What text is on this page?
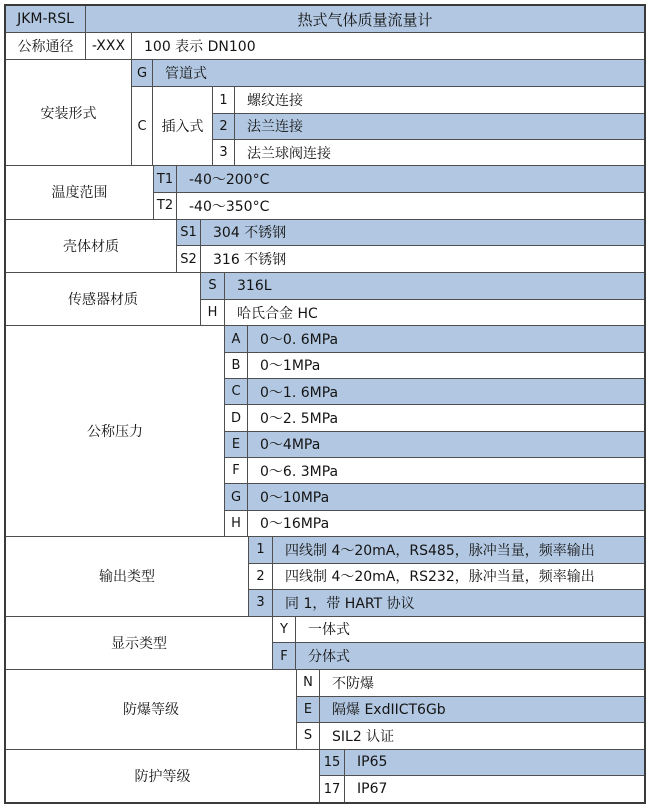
JKM-RSL	热式气体质量流量计
公称通径	-XXX	100 表示 DN100
安装形式
G	管道式
C	插入式
1	螺纹连接
2	法兰连接
3	法兰球阀连接
温度范围
T1	-40～200°C
T2	-40～350°C
壳体材质
S1	304 不锈钢
S2	316 不锈钢
传感器材质
S	316L
H	哈氏合金 HC
公称压力
A	0～0. 6MPa
B	0～1MPa
C	0～1. 6MPa
D	0～2. 5MPa
E	0～4MPa
F	0～6. 3MPa
G	0～10MPa
H	0～16MPa
输出类型
1	四线制 4～20mA，RS485，脉冲当量，频率输出
2	四线制 4～20mA，RS232，脉冲当量，频率输出
3	同 1，带 HART 协议
显示类型
Y	一体式
F	分体式
防爆等级
N	不防爆
E	隔爆 ExdIICT6Gb
S	SIL2 认证
防护等级
15	IP65
17	IP67
